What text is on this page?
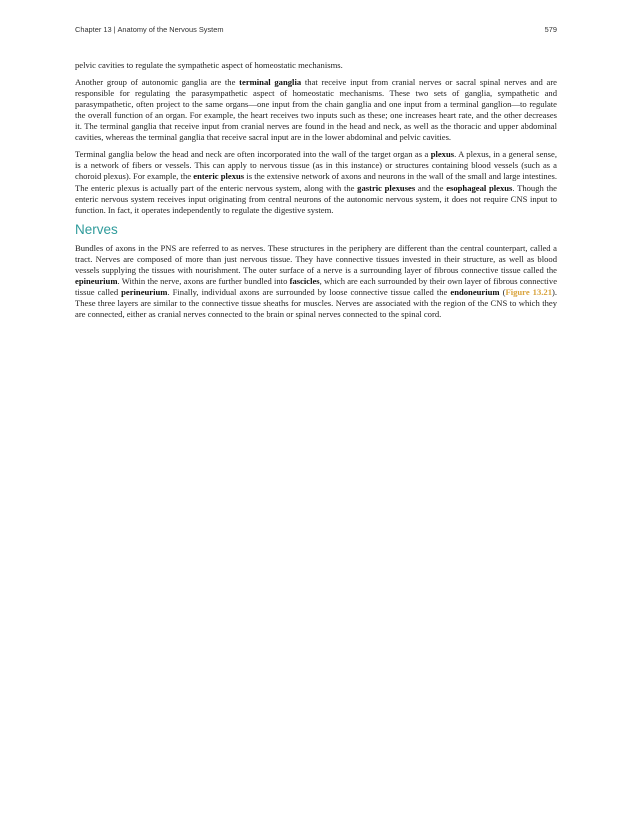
Chapter 13 | Anatomy of the Nervous System	579

pelvic cavities to regulate the sympathetic aspect of homeostatic mechanisms.

Another group of autonomic ganglia are the terminal ganglia that receive input from cranial nerves or sacral spinal nerves and are responsible for regulating the parasympathetic aspect of homeostatic mechanisms. These two sets of ganglia, sympathetic and parasympathetic, often project to the same organs—one input from the chain ganglia and one input from a terminal ganglion—to regulate the overall function of an organ. For example, the heart receives two inputs such as these; one increases heart rate, and the other decreases it. The terminal ganglia that receive input from cranial nerves are found in the head and neck, as well as the thoracic and upper abdominal cavities, whereas the terminal ganglia that receive sacral input are in the lower abdominal and pelvic cavities.

Terminal ganglia below the head and neck are often incorporated into the wall of the target organ as a plexus. A plexus, in a general sense, is a network of fibers or vessels. This can apply to nervous tissue (as in this instance) or structures containing blood vessels (such as a choroid plexus). For example, the enteric plexus is the extensive network of axons and neurons in the wall of the small and large intestines. The enteric plexus is actually part of the enteric nervous system, along with the gastric plexuses and the esophageal plexus. Though the enteric nervous system receives input originating from central neurons of the autonomic nervous system, it does not require CNS input to function. In fact, it operates independently to regulate the digestive system.

Nerves

Bundles of axons in the PNS are referred to as nerves. These structures in the periphery are different than the central counterpart, called a tract. Nerves are composed of more than just nervous tissue. They have connective tissues invested in their structure, as well as blood vessels supplying the tissues with nourishment. The outer surface of a nerve is a surrounding layer of fibrous connective tissue called the epineurium. Within the nerve, axons are further bundled into fascicles, which are each surrounded by their own layer of fibrous connective tissue called perineurium. Finally, individual axons are surrounded by loose connective tissue called the endoneurium (Figure 13.21). These three layers are similar to the connective tissue sheaths for muscles. Nerves are associated with the region of the CNS to which they are connected, either as cranial nerves connected to the brain or spinal nerves connected to the spinal cord.
